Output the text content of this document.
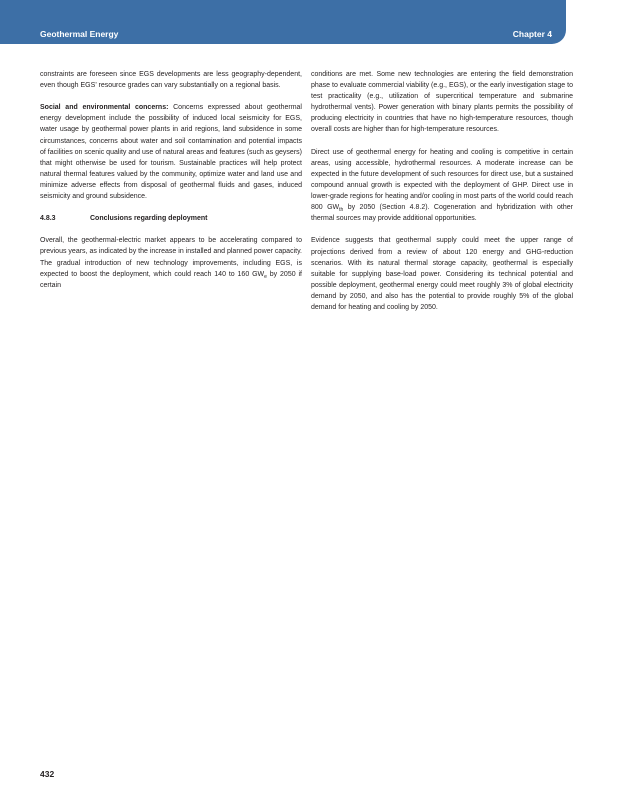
Geothermal Energy	Chapter 4

constraints are foreseen since EGS developments are less geography-dependent, even though EGS’ resource grades can vary substantially on a regional basis.

Social and environmental concerns: Concerns expressed about geothermal energy development include the possibility of induced local seismicity for EGS, water usage by geothermal power plants in arid regions, land subsidence in some circumstances, concerns about water and soil contamination and potential impacts of facilities on scenic quality and use of natural areas and features (such as geysers) that might otherwise be used for tourism. Sustainable practices will help protect natural thermal features valued by the community, optimize water and land use and minimize adverse effects from disposal of geothermal fluids and gases, induced seismicity and ground subsidence.

4.8.3	Conclusions regarding deployment

Overall, the geothermal-electric market appears to be accelerating compared to previous years, as indicated by the increase in installed and planned power capacity. The gradual introduction of new technology improvements, including EGS, is expected to boost the deployment, which could reach 140 to 160 $GW_e$ by 2050 if certain

conditions are met. Some new technologies are entering the field demonstration phase to evaluate commercial viability (e.g., EGS), or the early investigation stage to test practicality (e.g., utilization of supercritical temperature and submarine hydrothermal vents). Power generation with binary plants permits the possibility of producing electricity in countries that have no high-temperature resources, though overall costs are higher than for high-temperature resources.

Direct use of geothermal energy for heating and cooling is competitive in certain areas, using accessible, hydrothermal resources. A moderate increase can be expected in the future development of such resources for direct use, but a sustained compound annual growth is expected with the deployment of GHP. Direct use in lower-grade regions for heating and/or cooling in most parts of the world could reach 800 $GW_{th}$ by 2050 (Section 4.8.2). Cogeneration and hybridization with other thermal sources may provide additional opportunities.

Evidence suggests that geothermal supply could meet the upper range of projections derived from a review of about 120 energy and GHG-reduction scenarios. With its natural thermal storage capacity, geothermal is especially suitable for supplying base-load power. Considering its technical potential and possible deployment, geothermal energy could meet roughly 3% of global electricity demand by 2050, and also has the potential to provide roughly 5% of the global demand for heating and cooling by 2050.

432
